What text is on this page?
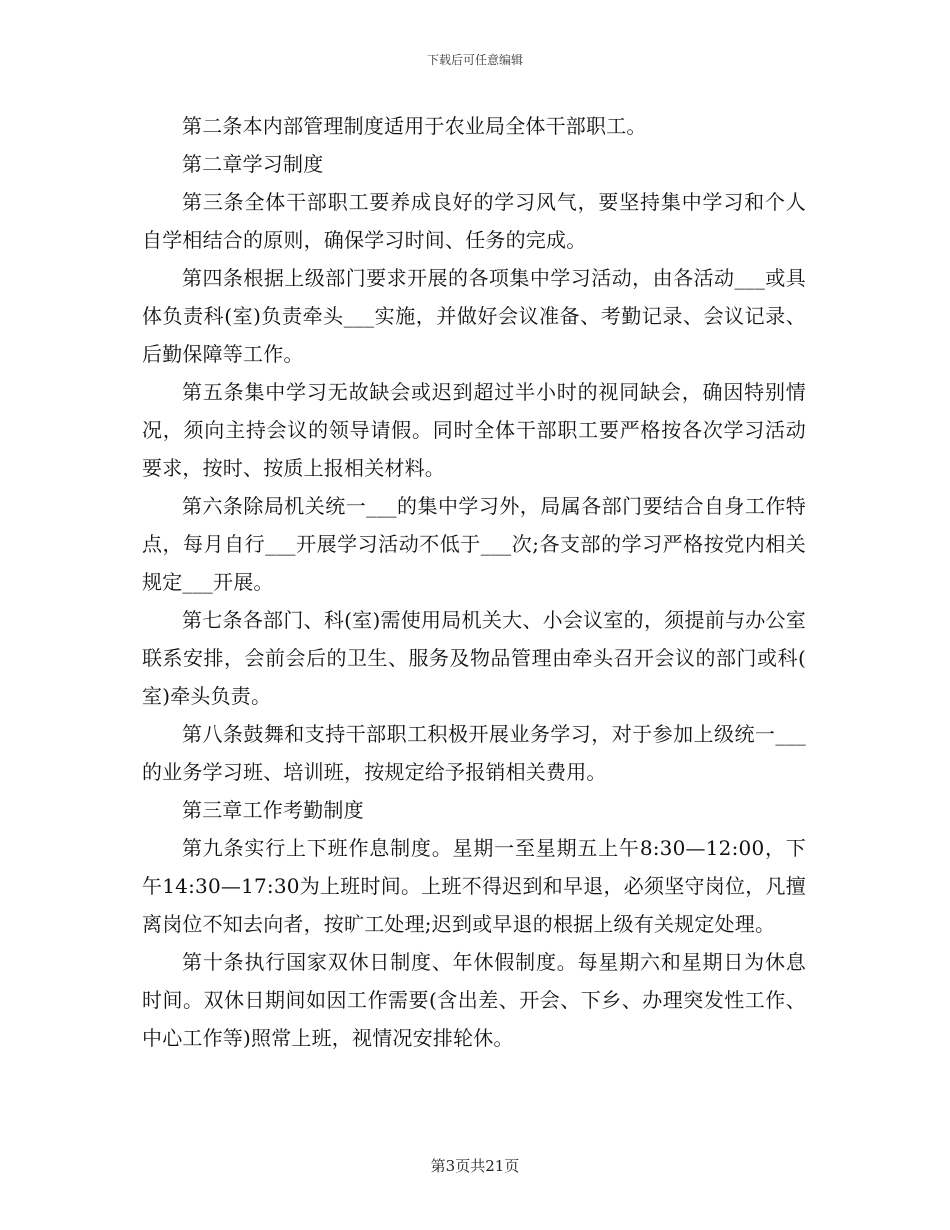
下载后可任意编辑

第二条本内部管理制度适用于农业局全体干部职工。

第二章学习制度

第三条全体干部职工要养成良好的学习风气，要坚持集中学习和个人自学相结合的原则，确保学习时间、任务的完成。

第四条根据上级部门要求开展的各项集中学习活动，由各活动___或具体负责科(室)负责牵头___实施，并做好会议准备、考勤记录、会议记录、后勤保障等工作。

第五条集中学习无故缺会或迟到超过半小时的视同缺会，确因特别情况，须向主持会议的领导请假。同时全体干部职工要严格按各次学习活动要求，按时、按质上报相关材料。

第六条除局机关统一___的集中学习外，局属各部门要结合自身工作特点，每月自行___开展学习活动不低于___次;各支部的学习严格按党内相关规定___开展。

第七条各部门、科(室)需使用局机关大、小会议室的，须提前与办公室联系安排，会前会后的卫生、服务及物品管理由牵头召开会议的部门或科(室)牵头负责。

第八条鼓舞和支持干部职工积极开展业务学习，对于参加上级统一___的业务学习班、培训班，按规定给予报销相关费用。

第三章工作考勤制度

第九条实行上下班作息制度。星期一至星期五上午8:30—12:00，下午14:30—17:30为上班时间。上班不得迟到和早退，必须坚守岗位，凡擅离岗位不知去向者，按旷工处理;迟到或早退的根据上级有关规定处理。

第十条执行国家双休日制度、年休假制度。每星期六和星期日为休息时间。双休日期间如因工作需要(含出差、开会、下乡、办理突发性工作、中心工作等)照常上班，视情况安排轮休。

第3页共21页
